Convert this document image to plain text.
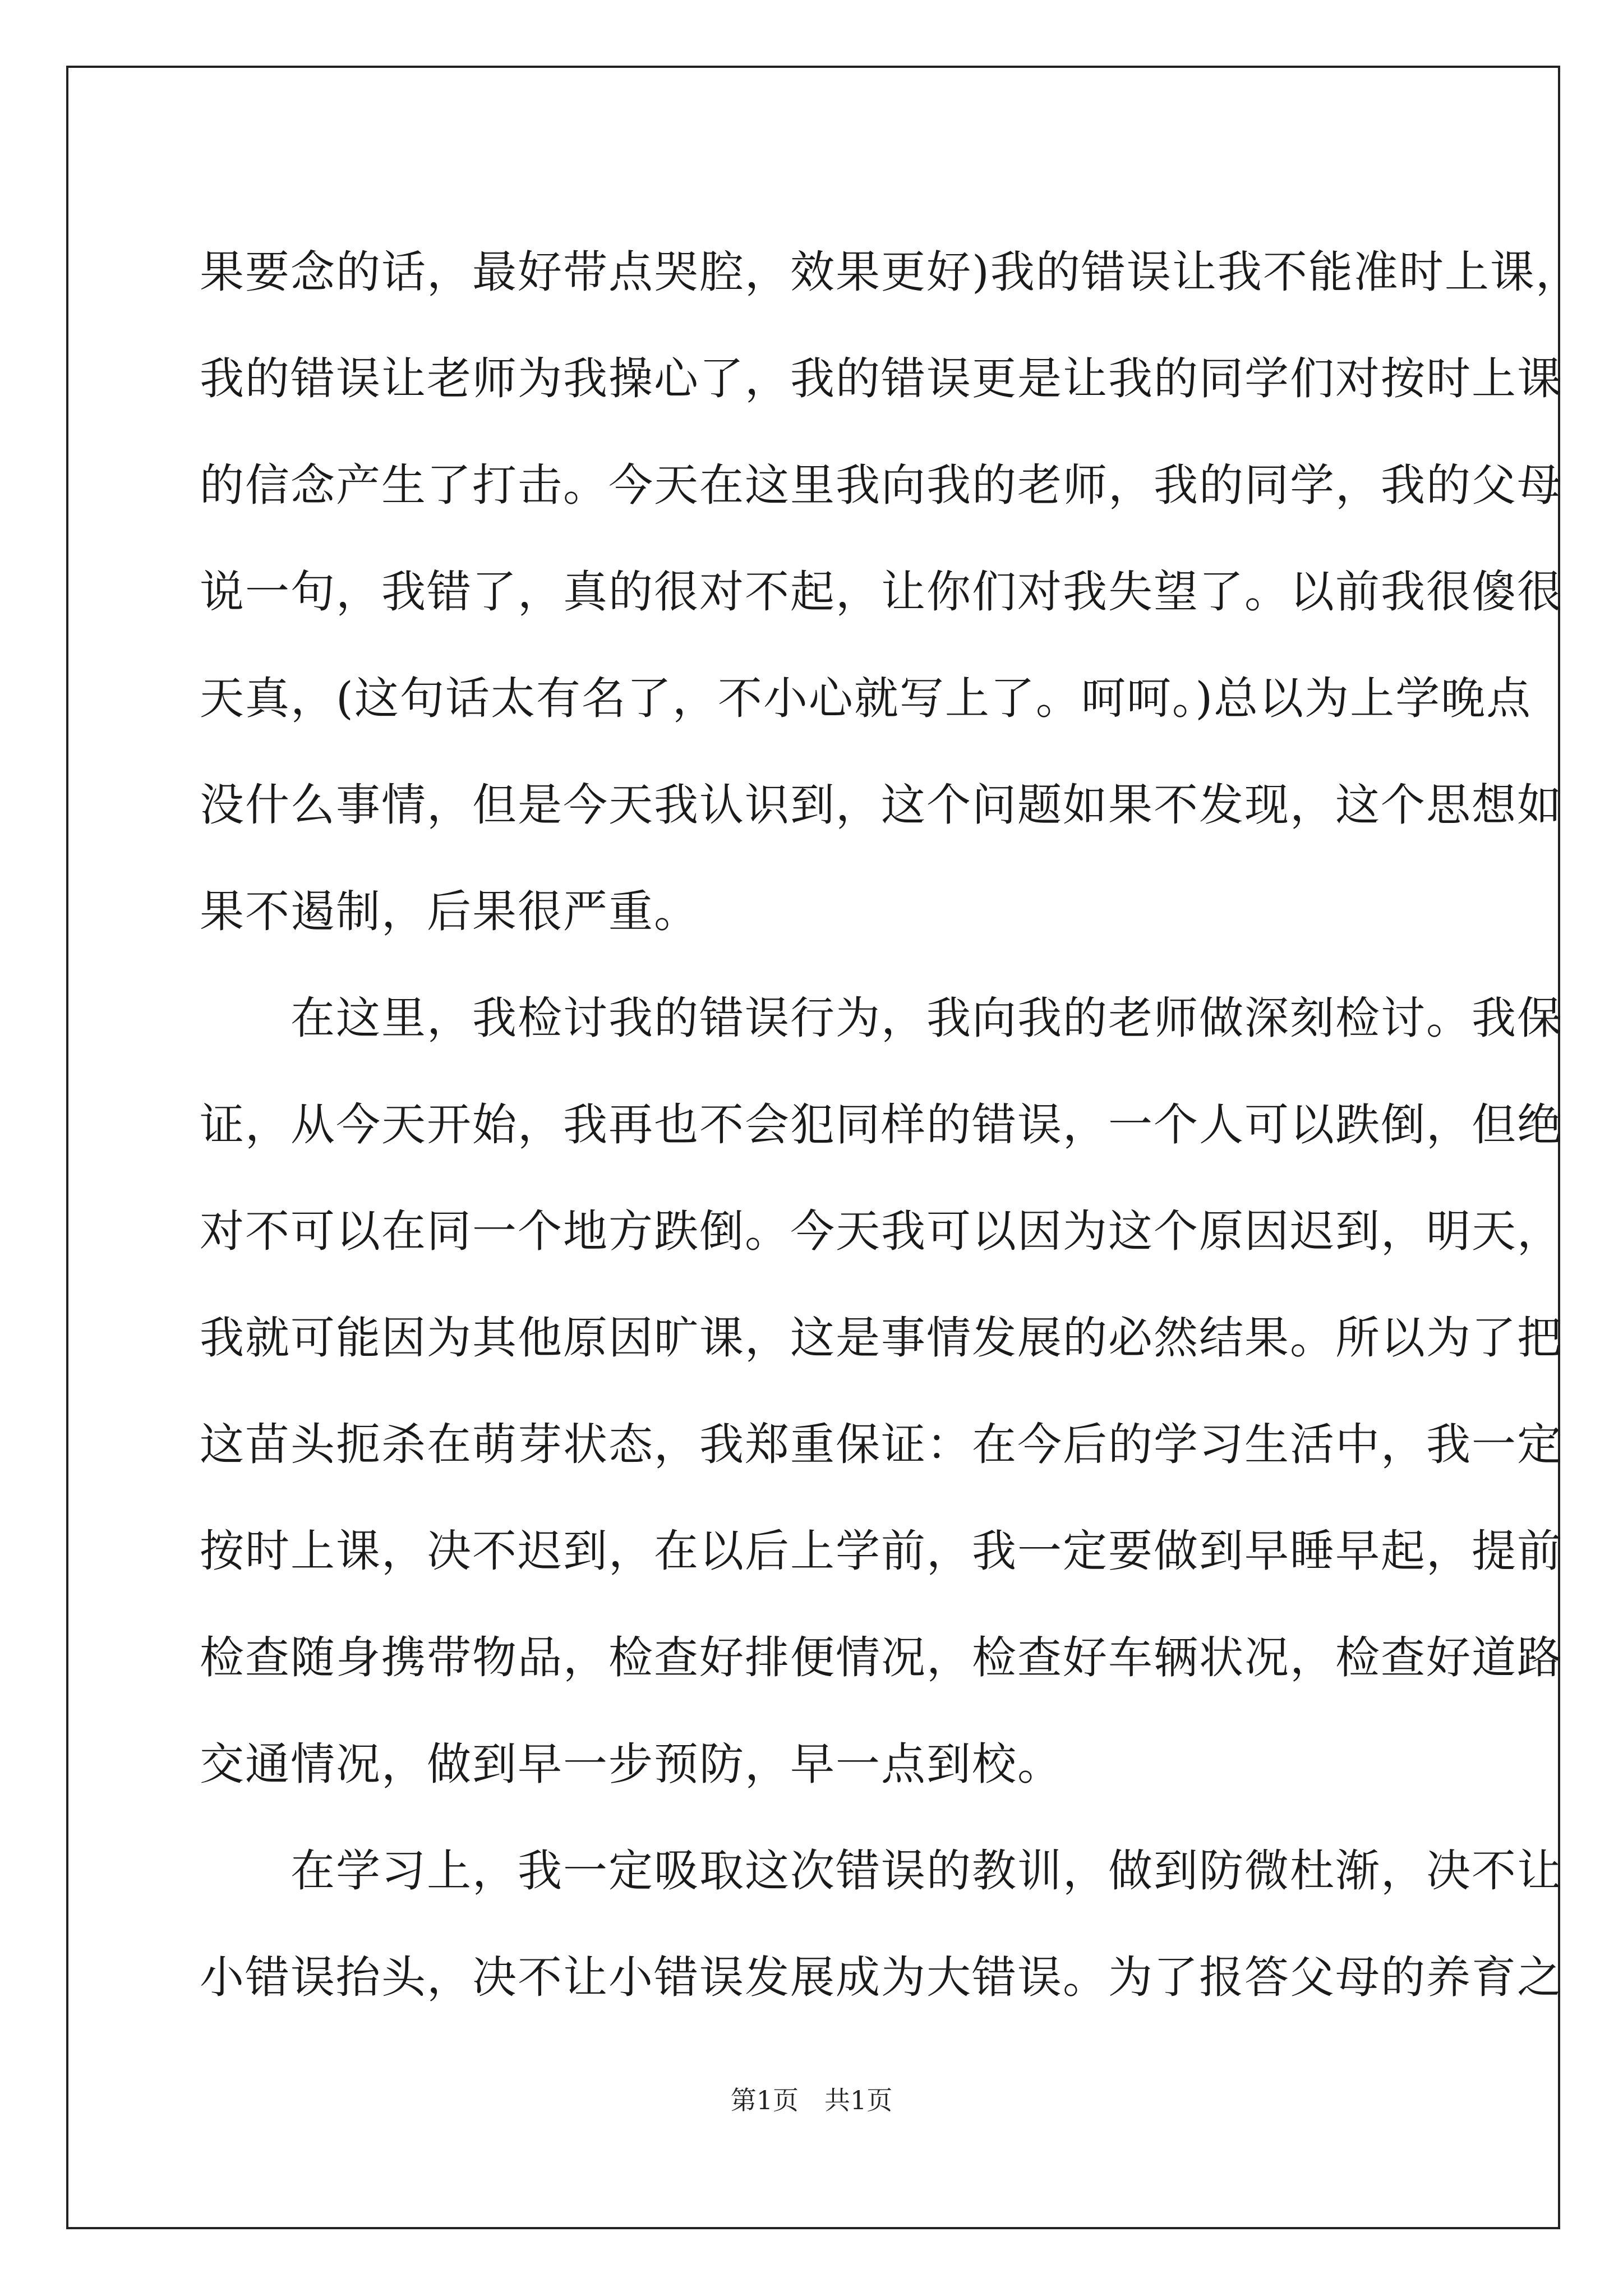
果要念的话，最好带点哭腔，效果更好)我的错误让我不能准时上课，
我的错误让老师为我操心了，我的错误更是让我的同学们对按时上课
的信念产生了打击。今天在这里我向我的老师，我的同学，我的父母
说一句，我错了，真的很对不起，让你们对我失望了。以前我很傻很
天真，(这句话太有名了，不小心就写上了。呵呵。)总以为上学晚点
没什么事情，但是今天我认识到，这个问题如果不发现，这个思想如
果不遏制，后果很严重。
　　在这里，我检讨我的错误行为，我向我的老师做深刻检讨。我保
证，从今天开始，我再也不会犯同样的错误，一个人可以跌倒，但绝
对不可以在同一个地方跌倒。今天我可以因为这个原因迟到，明天，
我就可能因为其他原因旷课，这是事情发展的必然结果。所以为了把
这苗头扼杀在萌芽状态，我郑重保证：在今后的学习生活中，我一定
按时上课，决不迟到，在以后上学前，我一定要做到早睡早起，提前
检查随身携带物品，检查好排便情况，检查好车辆状况，检查好道路
交通情况，做到早一步预防，早一点到校。
　　在学习上，我一定吸取这次错误的教训，做到防微杜渐，决不让
小错误抬头，决不让小错误发展成为大错误。为了报答父母的养育之
第1页　共1页
